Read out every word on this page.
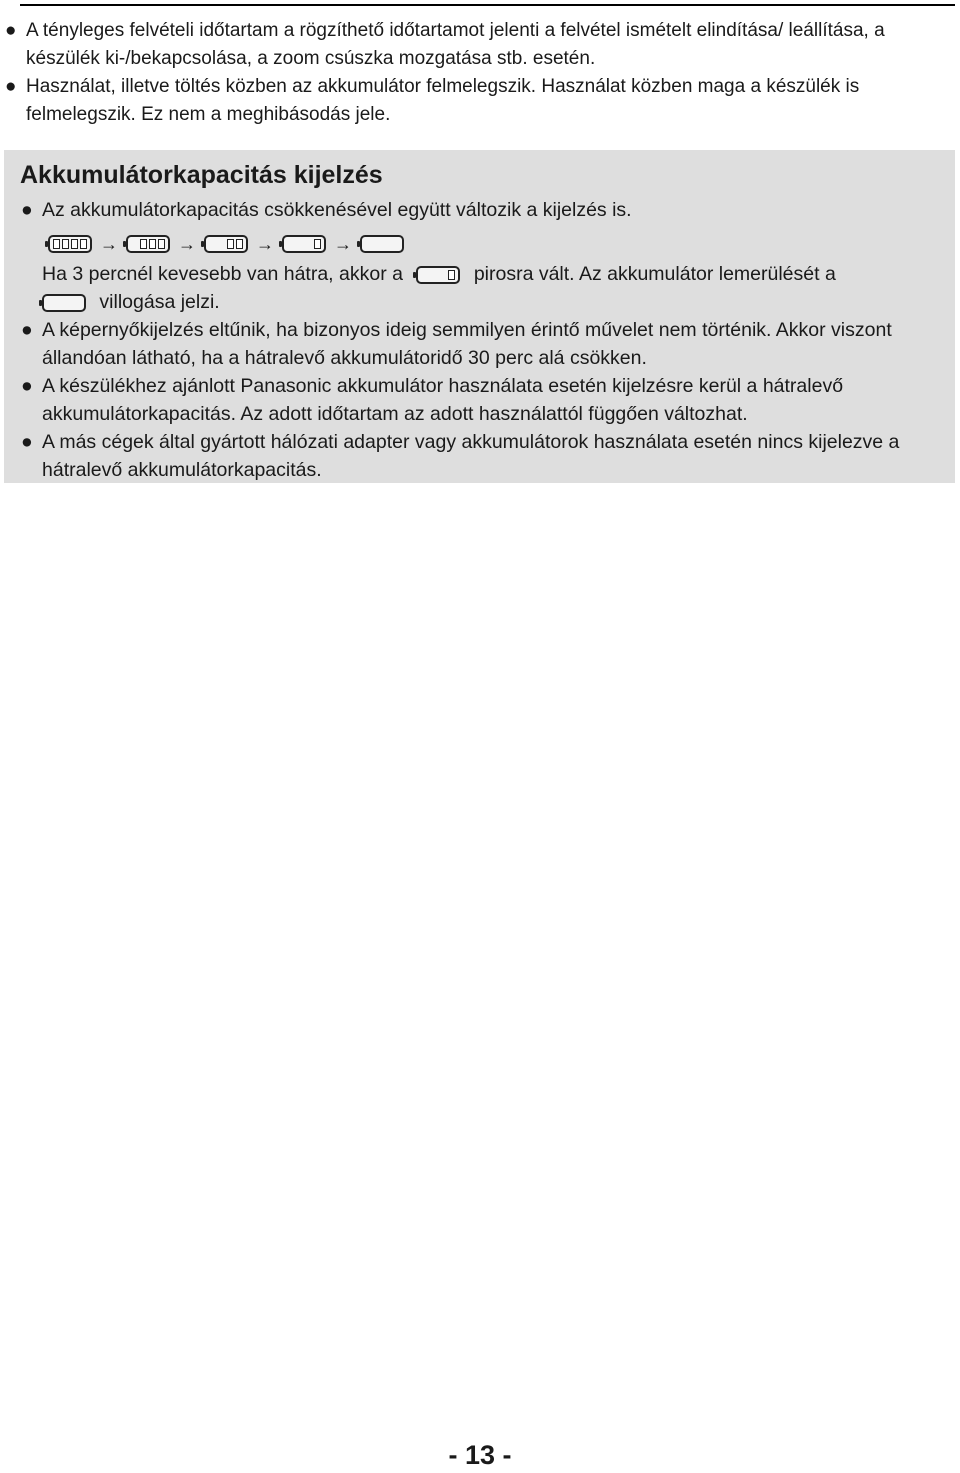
● A tényleges felvételi időtartam a rögzíthető időtartamot jelenti a felvétel ismételt elindítása/ leállítása, a készülék ki-/bekapcsolása, a zoom csúszka mozgatása stb. esetén.
● Használat, illetve töltés közben az akkumulátor felmelegszik. Használat közben maga a készülék is felmelegszik. Ez nem a meghibásodás jele.
Akkumulátorkapacitás kijelzés
● Az akkumulátorkapacitás csökkenésével együtt változik a kijelzés is.
→	→	→	→
Ha 3 percnél kevesebb van hátra, akkor a	pirosra vált. Az akkumulátor lemerülését a
villogása jelzi.
● A képernyőkijelzés eltűnik, ha bizonyos ideig semmilyen érintő művelet nem történik. Akkor viszont állandóan látható, ha a hátralevő akkumulátoridő 30 perc alá csökken.
● A készülékhez ajánlott Panasonic akkumulátor használata esetén kijelzésre kerül a hátralevő akkumulátorkapacitás. Az adott időtartam az adott használattól függően változhat.
● A más cégek által gyártott hálózati adapter vagy akkumulátorok használata esetén nincs kijelezve a hátralevő akkumulátorkapacitás.
- 13 -
